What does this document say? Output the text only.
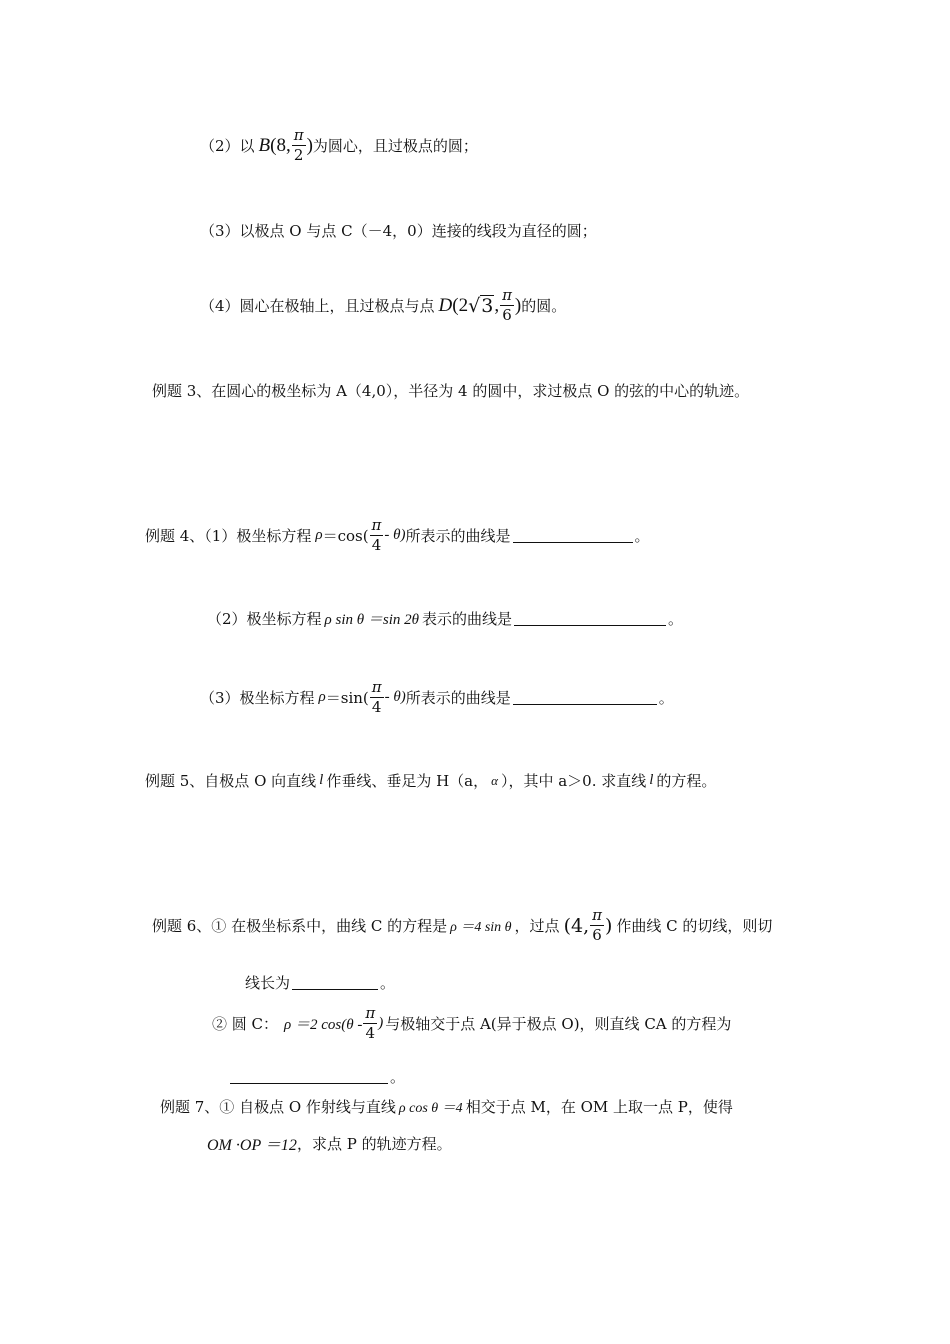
（2）以 B (8, $\frac{\pi}{2}$ ) 为圆心，且过极点的圆；
（3）以极点 O 与点 C（－4，0）连接的线段为直径的圆；
（4）圆心在极轴上，且过极点与点 D (2 √ 3 , $\frac{\pi}{6}$ ) 的圆。
例题 3、在圆心的极坐标为 A（4,0），半径为 4 的圆中，求过极点 O 的弦的中心的轨迹。
例题 4、（1）极坐标方程 $\rho =\cos( \frac{\pi}{4} - \theta)$ 所表示的曲线是	。
（2）极坐标方程 ρ sin θ ＝sin 2θ 表示的曲线是	。
（3）极坐标方程 $\rho =\sin( \frac{\pi}{4} - \theta)$ 所表示的曲线是	。
例题 5、自极点 O 向直线 l 作垂线、垂足为 H（a， α ），其中 a＞0. 求直线 l 的方程。
例题 6、① 在极坐标系中，曲线 C 的方程是 ρ ＝4 sin θ ，过点 (4, $\frac{\pi}{6}$ ) 作曲线 C 的切线，则切
线长为	。
② 圆 C： ρ ＝2 $\cos(\theta - \frac{\pi}{4}$ ) 与极轴交于点 A(异于极点 O)，则直线 CA 的方程为
。
例题 7、① 自极点 O 作射线与直线 ρ cos θ ＝4 相交于点 M，在 OM 上取一点 P，使得
OM ·OP ＝12 ，求点 P 的轨迹方程。
